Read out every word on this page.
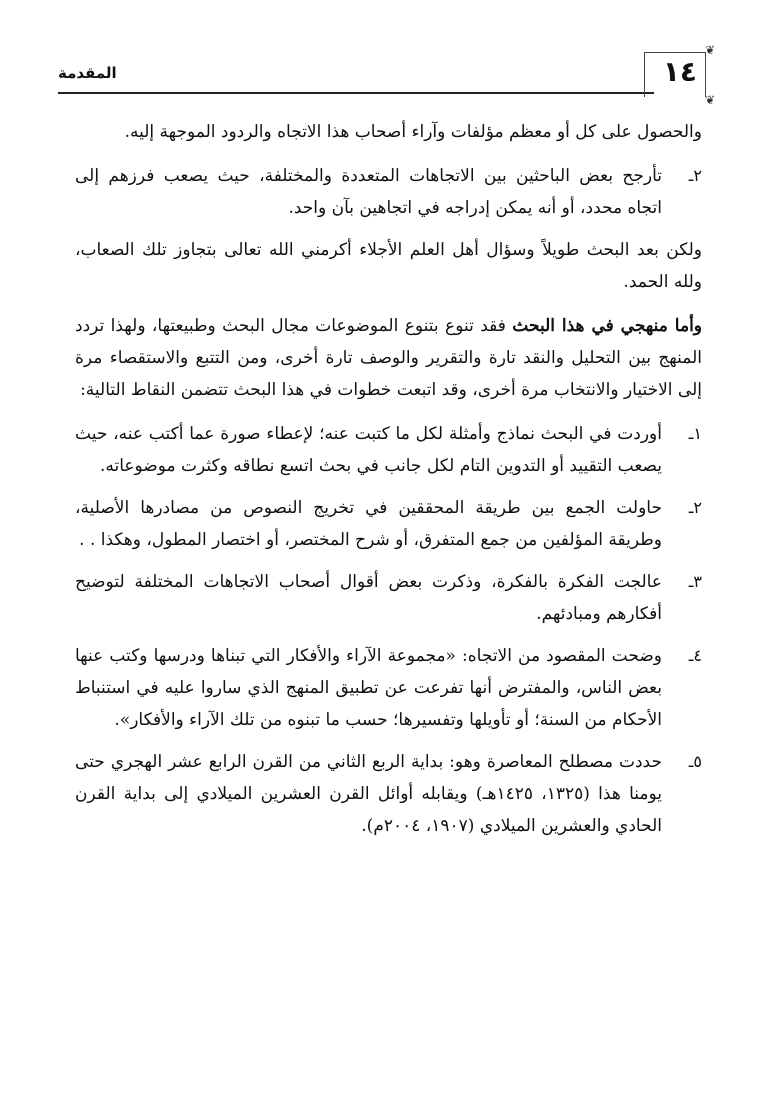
المقدمة
❦
❦
١٤

والحصول على كل أو معظم مؤلفات وآراء أصحاب هذا الاتجاه والردود الموجهة إليه.

٢ـ
تأرجح بعض الباحثين بين الاتجاهات المتعددة والمختلفة، حيث يصعب فرزهم إلى اتجاه محدد، أو أنه يمكن إدراجه في اتجاهين بآن واحد.

ولكن بعد البحث طويلاً وسؤال أهل العلم الأجلاء أكرمني الله تعالى بتجاوز تلك الصعاب، ولله الحمد.

وأما منهجي في هذا البحث فقد تنوع بتنوع الموضوعات مجال البحث وطبيعتها، ولهذا تردد المنهج بين التحليل والنقد تارة والتقرير والوصف تارة أخرى، ومن التتبع والاستقصاء مرة إلى الاختيار والانتخاب مرة أخرى، وقد اتبعت خطوات في هذا البحث تتضمن النقاط التالية:

١ـ
أوردت في البحث نماذج وأمثلة لكل ما كتبت عنه؛ لإعطاء صورة عما أكتب عنه، حيث يصعب التقييد أو التدوين التام لكل جانب في بحث اتسع نطاقه وكثرت موضوعاته.
٢ـ
حاولت الجمع بين طريقة المحققين في تخريج النصوص من مصادرها الأصلية، وطريقة المؤلفين من جمع المتفرق، أو شرح المختصر، أو اختصار المطول، وهكذا . .
٣ـ
عالجت الفكرة بالفكرة، وذكرت بعض أقوال أصحاب الاتجاهات المختلفة لتوضيح أفكارهم ومبادئهم.
٤ـ
وضحت المقصود من الاتجاه: «مجموعة الآراء والأفكار التي تبناها ودرسها وكتب عنها بعض الناس، والمفترض أنها تفرعت عن تطبيق المنهج الذي ساروا عليه في استنباط الأحكام من السنة؛ أو تأويلها وتفسيرها؛ حسب ما تبنوه من تلك الآراء والأفكار».
٥ـ
حددت مصطلح المعاصرة وهو: بداية الربع الثاني من القرن الرابع عشر الهجري حتى يومنا هذا (١٣٢٥، ١٤٢٥هـ) ويقابله أوائل القرن العشرين الميلادي إلى بداية القرن الحادي والعشرين الميلادي (١٩٠٧، ٢٠٠٤م).
